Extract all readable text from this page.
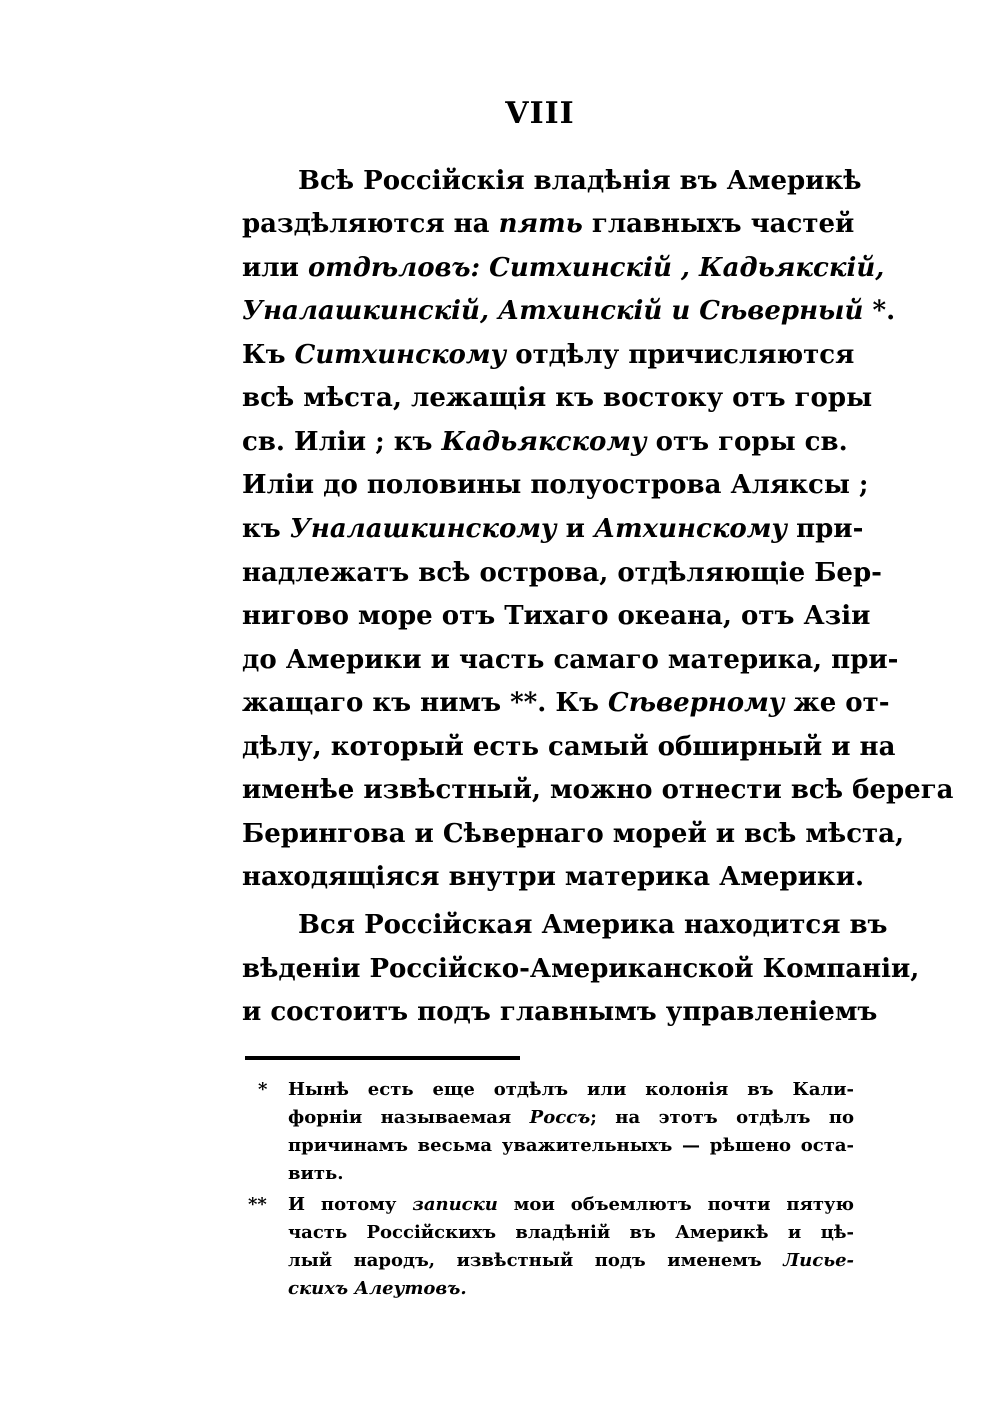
VIII
Всѣ Россійскія владѣнія въ Америкѣ
раздѣляются на пять главныхъ частей
или отдѣловъ: Ситхинскій , Кадьякскій,
Уналашкинскій, Атхинскій и Сѣверный *.
Къ Ситхинскому отдѣлу причисляются
всѣ мѣста, лежащія къ востоку отъ горы
св. Иліи ; къ Кадьякскому отъ горы св.
Иліи до половины полуострова Аляксы ;
къ Уналашкинскому и Атхинскому при-
надлежатъ всѣ острова, отдѣляющіе Бер-
нигово море отъ Тихаго океана, отъ Азіи
до Америки и часть самаго материка, при-
жащаго къ нимъ **. Къ Сѣверному же от-
дѣлу, который есть самый обширный и на
именѣе извѣстный, можно отнести всѣ берега
Берингова и Сѣвернаго морей и всѣ мѣста,
находящіяся внутри материка Америки.
Вся Россійская Америка находится въ
вѣденіи Россійско-Американской Компаніи,
и состоитъ подъ главнымъ управленіемъ
* Нынѣ есть еще отдѣлъ или колонія въ Кали-
форніи называемая Россъ; на этотъ отдѣлъ по
причинамъ весьма уважительныхъ — рѣшено оста-
вить.
** И потому записки мои объемлютъ почти пятую
часть Россійскихъ владѣній въ Америкѣ и цѣ-
лый народъ, извѣстный подъ именемъ Лисье-
скихъ Алеутовъ.
